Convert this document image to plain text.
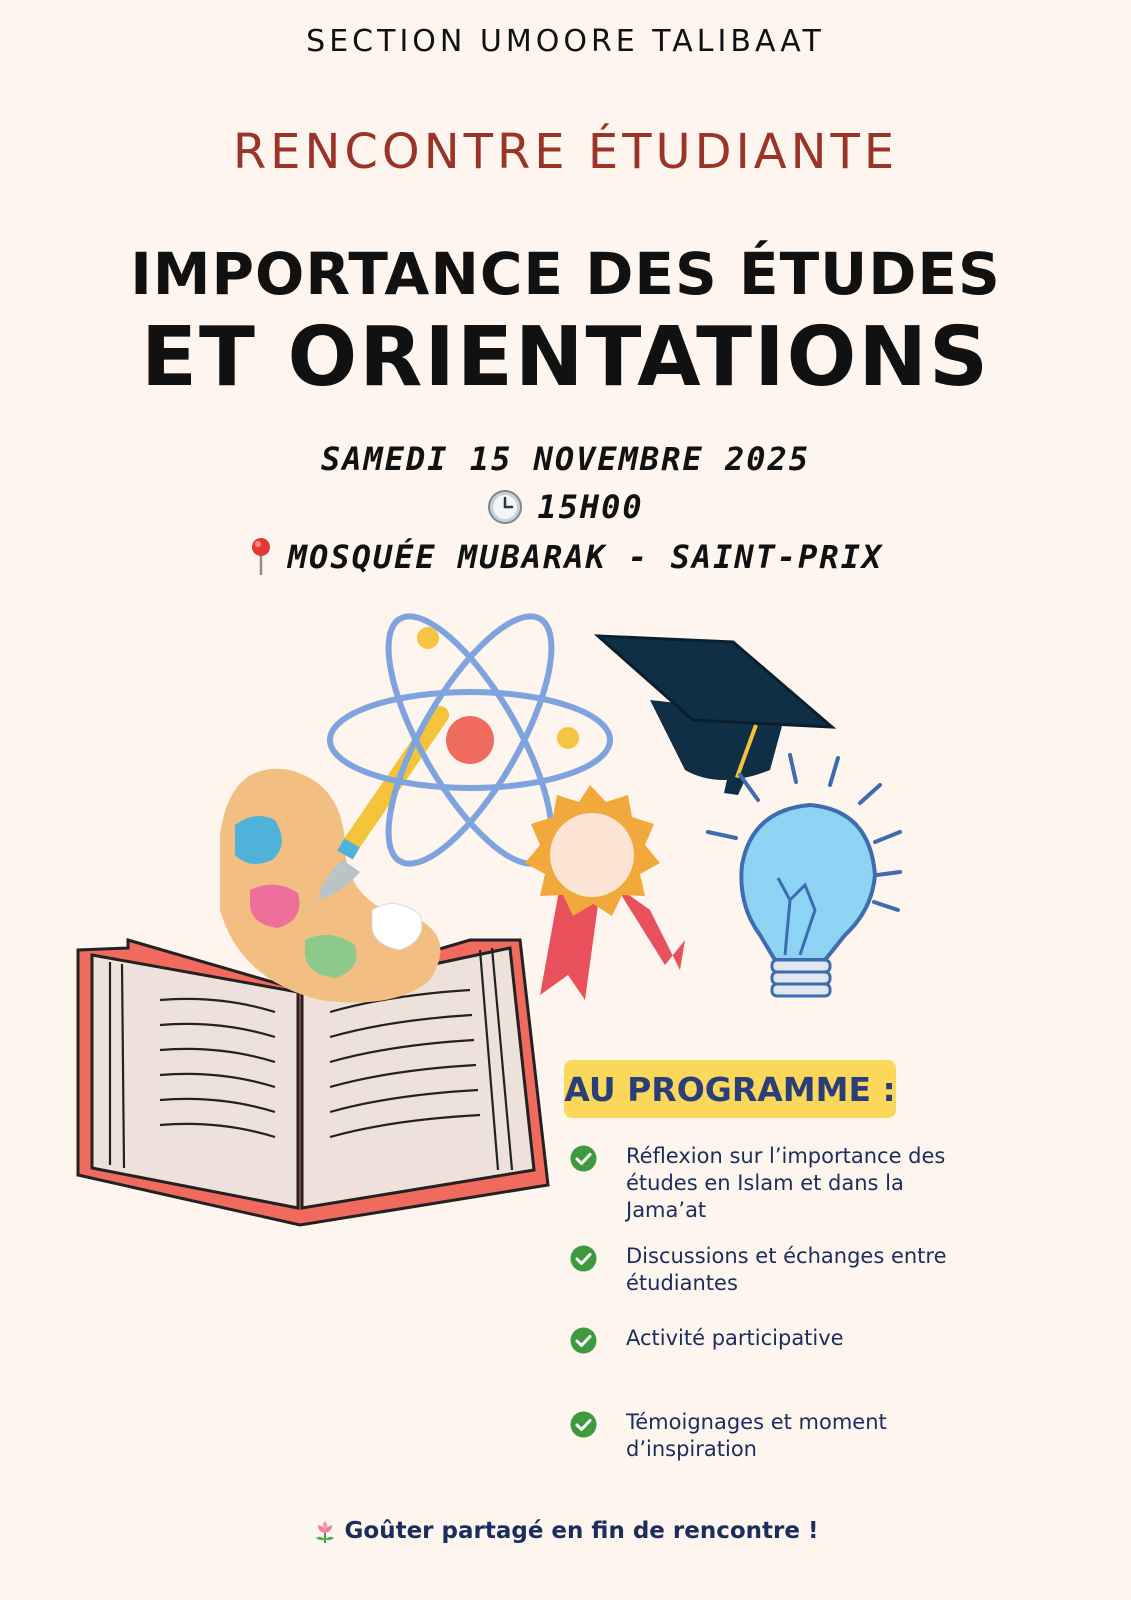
SECTION UMOORE TALIBAAT
RENCONTRE ÉTUDIANTE
IMPORTANCE DES ÉTUDES
ET ORIENTATIONS
SAMEDI 15 NOVEMBRE 2025
15H00
MOSQUÉE MUBARAK - SAINT-PRIX
AU PROGRAMME :
Réflexion sur l’importance des études en Islam et dans la Jama’at
Discussions et échanges entre étudiantes
Activité participative
Témoignages et moment d’inspiration
Goûter partagé en fin de rencontre !
